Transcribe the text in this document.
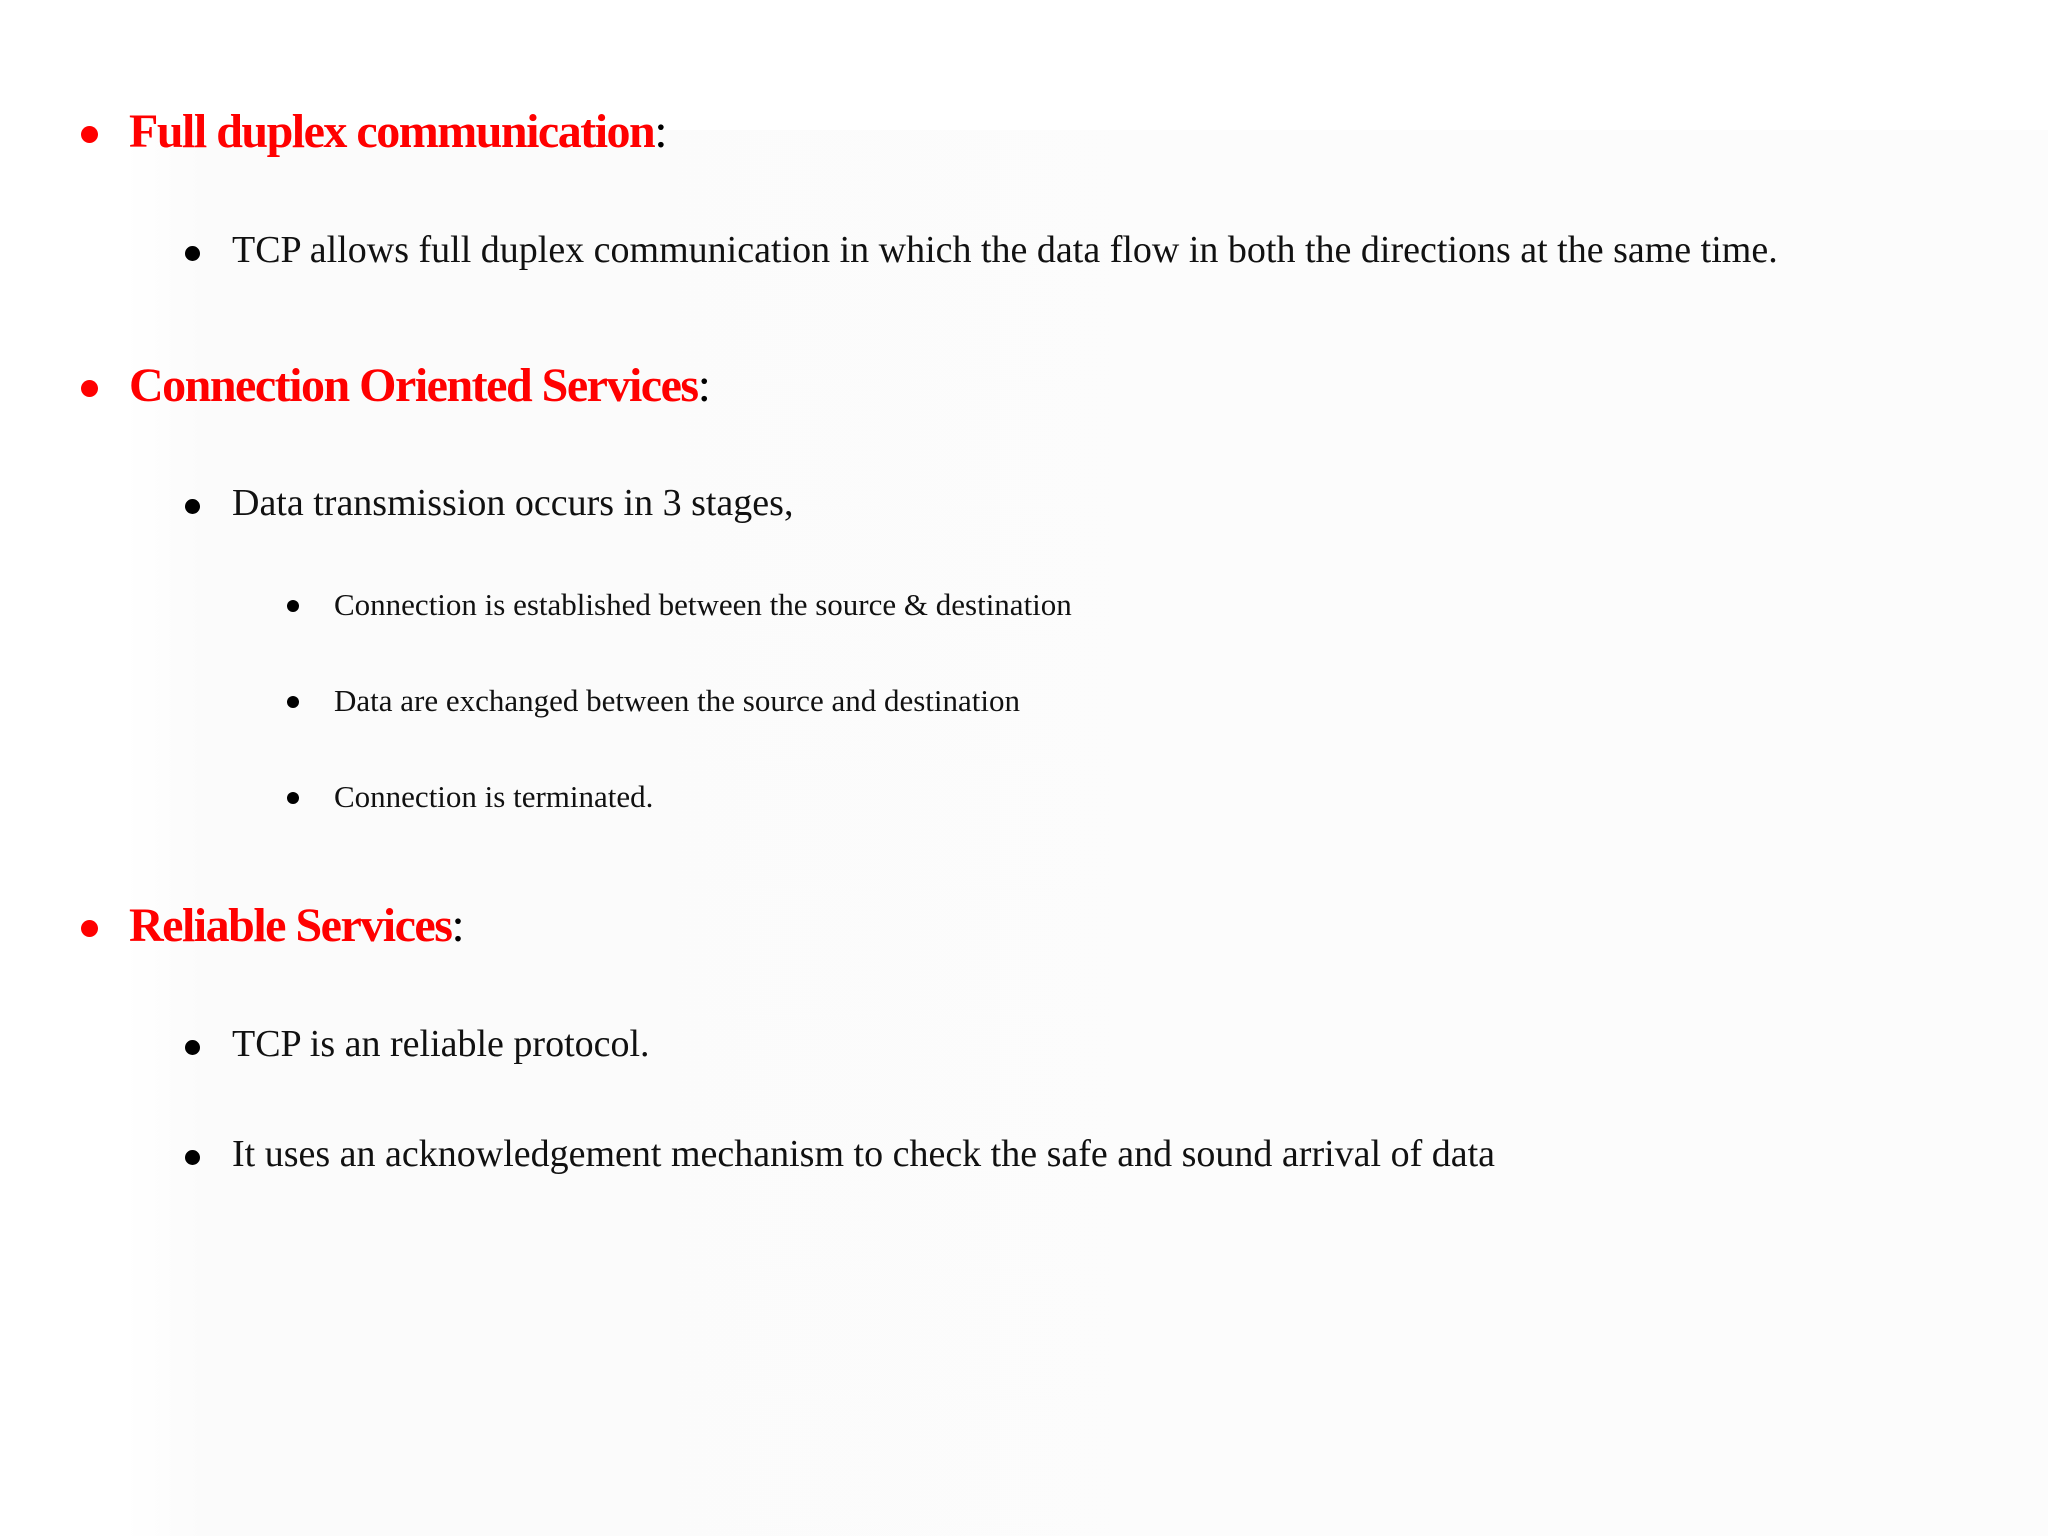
Full duplex communication:
TCP allows full duplex communication in which the data flow in both the directions at the same time.
Connection Oriented Services:
Data transmission occurs in 3 stages,
Connection is established between the source & destination
Data are exchanged between the source and destination
Connection is terminated.
Reliable Services:
TCP is an reliable protocol.
It uses an acknowledgement mechanism to check the safe and sound arrival of data
